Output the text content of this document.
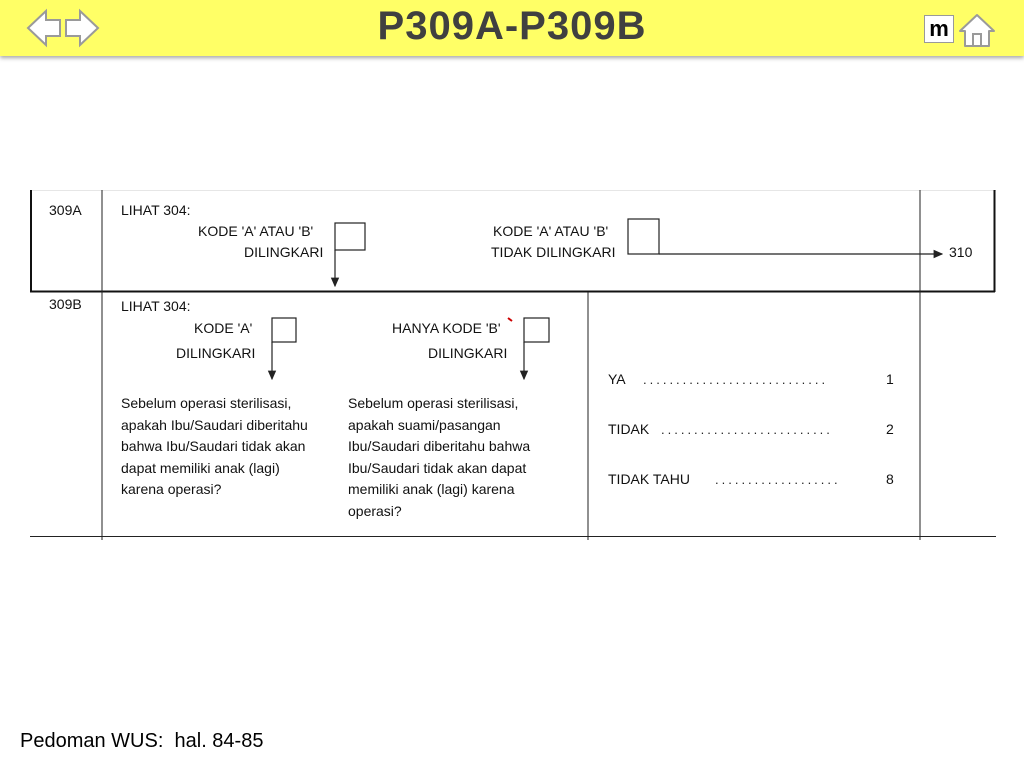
P309A-P309B	m
309A	LIHAT 304:
KODE 'A' ATAU 'B'
DILINGKARI
KODE 'A' ATAU 'B'
TIDAK DILINGKARI	310
309B	LIHAT 304:
KODE 'A'
DILINGKARI
HANYA KODE 'B'
DILINGKARI
Sebelum operasi sterilisasi,
apakah Ibu/Saudari diberitahu
bahwa Ibu/Saudari tidak akan
dapat memiliki anak (lagi)
karena operasi?
Sebelum operasi sterilisasi,
apakah suami/pasangan
Ibu/Saudari diberitahu bahwa
Ibu/Saudari tidak akan dapat
memiliki anak (lagi) karena
operasi?
YA ............................	1
TIDAK ..........................	2
TIDAK TAHU ...................	8
Pedoman WUS:  hal. 84-85
